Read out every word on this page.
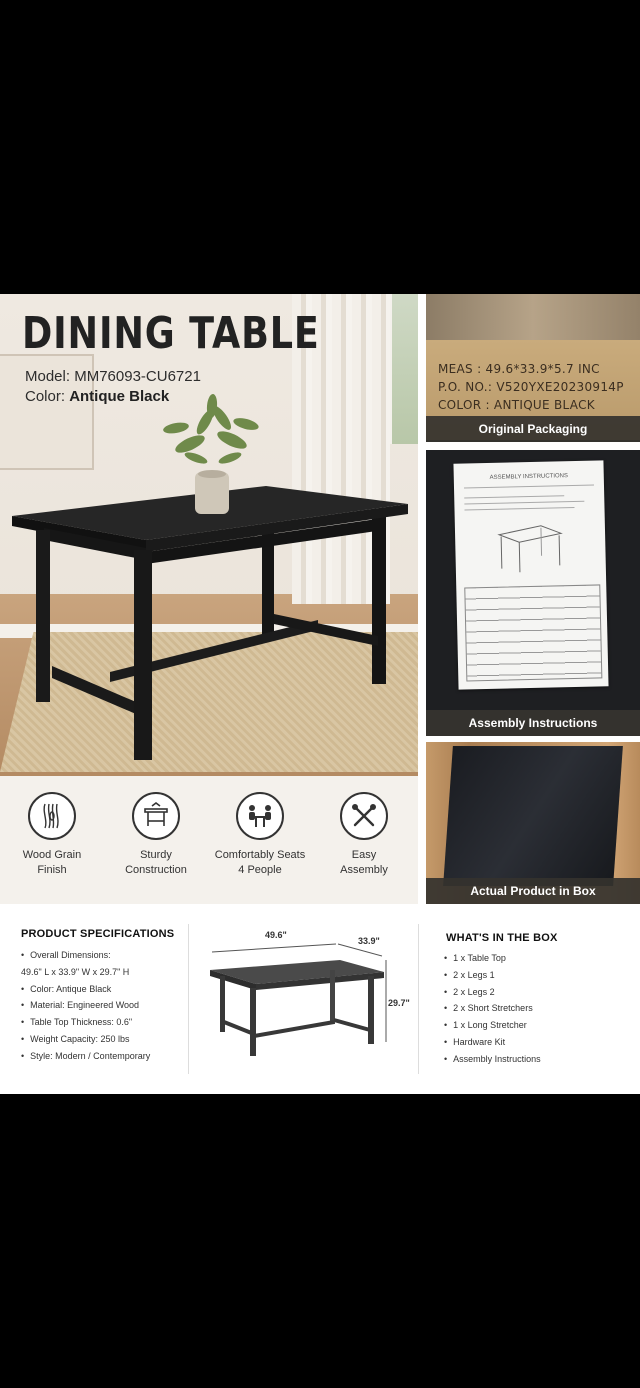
DINING TABLE
Model: MM76093-CU6721
Color: Antique Black
MEAS : 49.6*33.9*5.7 INC
P.O. NO.: V520YXE20230914P
COLOR : ANTIQUE BLACK
Original Packaging
ASSEMBLY INSTRUCTIONS
Assembly Instructions
Actual Product in Box
Wood Grain
Finish
Sturdy
Construction
Comfortably Seats
4 People
Easy
Assembly
PRODUCT SPECIFICATIONS
• Overall Dimensions:
49.6" L x 33.9" W x 29.7" H
• Color: Antique Black
• Material: Engineered Wood
• Table Top Thickness: 0.6"
• Weight Capacity: 250 lbs
• Style: Modern / Contemporary
49.6"
33.9"
29.7"
WHAT'S IN THE BOX
• 1 x Table Top
• 2 x Legs 1
• 2 x Legs 2
• 2 x Short Stretchers
• 1 x Long Stretcher
• Hardware Kit
• Assembly Instructions
